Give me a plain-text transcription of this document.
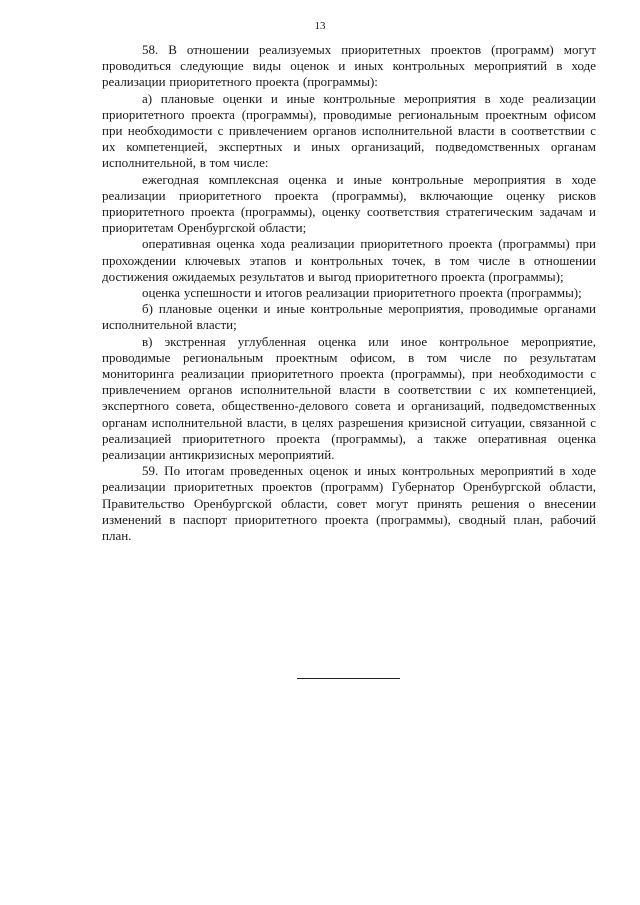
13

58. В отношении реализуемых приоритетных проектов (программ) могут проводиться следующие виды оценок и иных контрольных мероприятий в ходе реализации приоритетного проекта (программы):

а) плановые оценки и иные контрольные мероприятия в ходе реализации приоритетного проекта (программы), проводимые региональным проектным офисом при необходимости с привлечением органов исполнительной власти в соответствии с их компетенцией, экспертных и иных организаций, подведомственных органам исполнительной, в том числе:

ежегодная комплексная оценка и иные контрольные мероприятия в ходе реализации приоритетного проекта (программы), включающие оценку рисков приоритетного проекта (программы), оценку соответствия стратегическим задачам и приоритетам Оренбургской области;

оперативная оценка хода реализации приоритетного проекта (программы) при прохождении ключевых этапов и контрольных точек, в том числе в отношении достижения ожидаемых результатов и выгод приоритетного проекта (программы);

оценка успешности и итогов реализации приоритетного проекта (программы);

б) плановые оценки и иные контрольные мероприятия, проводимые органами исполнительной власти;

в) экстренная углубленная оценка или иное контрольное мероприятие, проводимые региональным проектным офисом, в том числе по результатам мониторинга реализации приоритетного проекта (программы), при необходимости с привлечением органов исполнительной власти в соответствии с их компетенцией, экспертного совета, общественно-делового совета и организаций, подведомственных органам исполнительной власти, в целях разрешения кризисной ситуации, связанной с реализацией приоритетного проекта (программы), а также оперативная оценка реализации антикризисных мероприятий.

59. По итогам проведенных оценок и иных контрольных мероприятий в ходе реализации приоритетных проектов (программ) Губернатор Оренбургской области, Правительство Оренбургской области, совет могут принять решения о внесении изменений в паспорт приоритетного проекта (программы), сводный план, рабочий план.
